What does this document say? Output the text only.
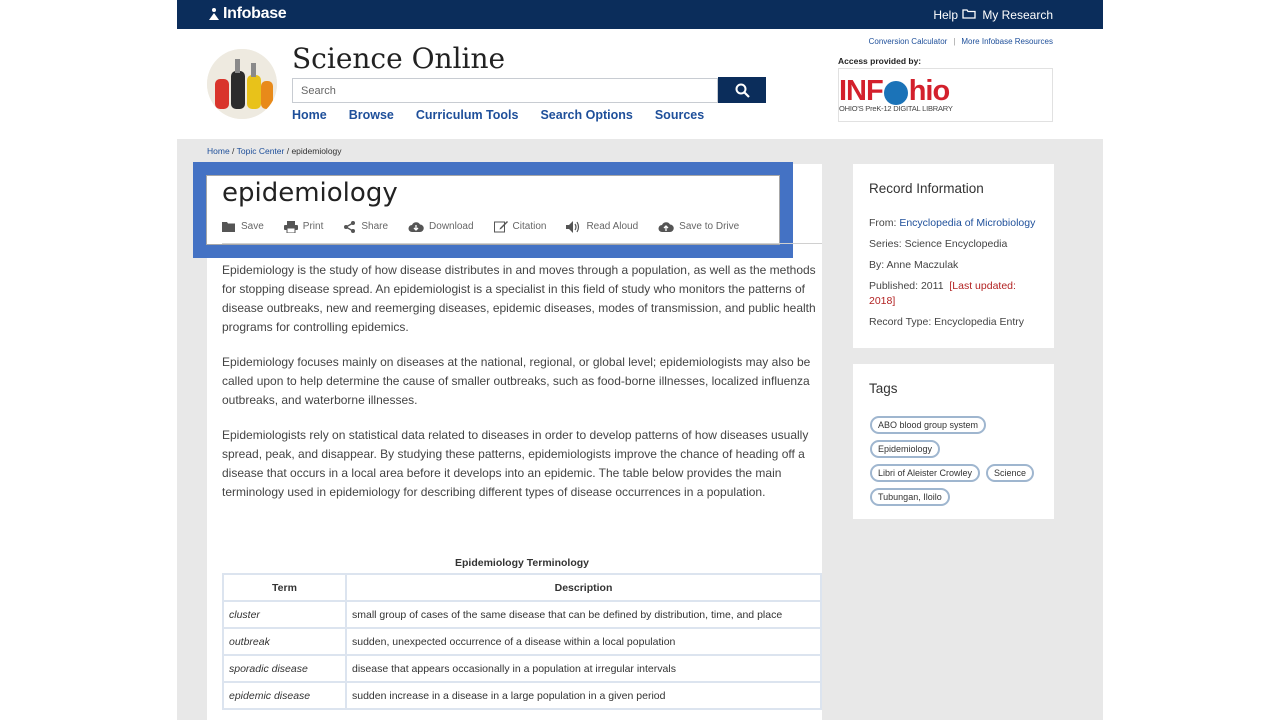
Infobase	Help My Research
Science Online
Search
Home Browse Curriculum Tools Search Options Sources
Conversion Calculator | More Infobase Resources
Access provided by:
INF hio
OHIO'S PreK-12 DIGITAL LIBRARY
Home / Topic Center / epidemiology
epidemiology
Save	Print	Share	Download	Citation	Read Aloud	Save to Drive

Epidemiology is the study of how disease distributes in and moves through a population, as well as the methods for stopping disease spread. An epidemiologist is a specialist in this field of study who monitors the patterns of disease outbreaks, new and reemerging diseases, epidemic diseases, modes of transmission, and public health programs for controlling epidemics.

Epidemiology focuses mainly on diseases at the national, regional, or global level; epidemiologists may also be called upon to help determine the cause of smaller outbreaks, such as food-borne illnesses, localized influenza outbreaks, and waterborne illnesses.

Epidemiologists rely on statistical data related to diseases in order to develop patterns of how diseases usually spread, peak, and disappear. By studying these patterns, epidemiologists improve the chance of heading off a disease that occurs in a local area before it develops into an epidemic. The table below provides the main terminology used in epidemiology for describing different types of disease occurrences in a population.

Epidemiology Terminology
Term	Description
cluster	small group of cases of the same disease that can be defined by distribution, time, and place
outbreak	sudden, unexpected occurrence of a disease within a local population
sporadic disease	disease that appears occasionally in a population at irregular intervals
epidemic disease	sudden increase in a disease in a large population in a given period
Record Information
From: Encyclopedia of Microbiology
Series: Science Encyclopedia
By: Anne Maczulak
Published: 2011 [Last updated: 2018]
Record Type: Encyclopedia Entry
Tags
ABO blood group system
Epidemiology
Libri of Aleister Crowley	Science
Tubungan, Iloilo
